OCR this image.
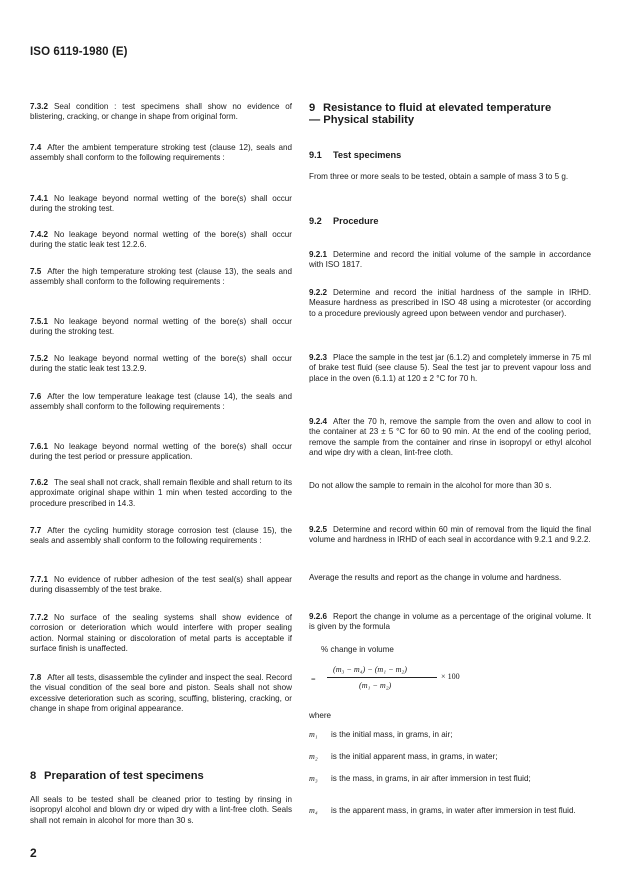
ISO 6119-1980 (E)
7.3.2 Seal condition : test specimens shall show no evidence of blistering, cracking, or change in shape from original form.
7.4 After the ambient temperature stroking test (clause 12), seals and assembly shall conform to the following requirements :
7.4.1 No leakage beyond normal wetting of the bore(s) shall occur during the stroking test.
7.4.2 No leakage beyond normal wetting of the bore(s) shall occur during the static leak test 12.2.6.
7.5 After the high temperature stroking test (clause 13), the seals and assembly shall conform to the following requirements :
7.5.1 No leakage beyond normal wetting of the bore(s) shall occur during the stroking test.
7.5.2 No leakage beyond normal wetting of the bore(s) shall occur during the static leak test 13.2.9.
7.6 After the low temperature leakage test (clause 14), the seals and assembly shall conform to the following requirements :
7.6.1 No leakage beyond normal wetting of the bore(s) shall occur during the test period or pressure application.
7.6.2 The seal shall not crack, shall remain flexible and shall return to its approximate original shape within 1 min when tested according to the procedure prescribed in 14.3.
7.7 After the cycling humidity storage corrosion test (clause 15), the seals and assembly shall conform to the following requirements :
7.7.1 No evidence of rubber adhesion of the test seal(s) shall appear during disassembly of the test brake.
7.7.2 No surface of the sealing systems shall show evidence of corrosion or deterioration which would interfere with proper sealing action. Normal staining or discoloration of metal parts is acceptable if surface finish is unaffected.
7.8 After all tests, disassemble the cylinder and inspect the seal. Record the visual condition of the seal bore and piston. Seals shall not show excessive deterioration such as scoring, scuffing, blistering, cracking, or change in shape from original appearance.
8 Preparation of test specimens
All seals to be tested shall be cleaned prior to testing by rinsing in isopropyl alcohol and blown dry or wiped dry with a lint-free cloth. Seals shall not remain in alcohol for more than 30 s.
9 Resistance to fluid at elevated temperature
— Physical stability
9.1 Test specimens
From three or more seals to be tested, obtain a sample of mass 3 to 5 g.
9.2 Procedure
9.2.1 Determine and record the initial volume of the sample in accordance with ISO 1817.
9.2.2 Determine and record the initial hardness of the sample in IRHD. Measure hardness as prescribed in ISO 48 using a microtester (or according to a procedure previously agreed upon between vendor and purchaser).
9.2.3 Place the sample in the test jar (6.1.2) and completely immerse in 75 ml of brake test fluid (see clause 5). Seal the test jar to prevent vapour loss and place in the oven (6.1.1) at 120 ± 2 °C for 70 h.
9.2.4 After the 70 h, remove the sample from the oven and allow to cool in the container at 23 ± 5 °C for 60 to 90 min. At the end of the cooling period, remove the sample from the container and rinse in isopropyl or ethyl alcohol and wipe dry with a clean, lint-free cloth.
Do not allow the sample to remain in the alcohol for more than 30 s.
9.2.5 Determine and record within 60 min of removal from the liquid the final volume and hardness in IRHD of each seal in accordance with 9.2.1 and 9.2.2.
Average the results and report as the change in volume and hardness.
9.2.6 Report the change in volume as a percentage of the original volume. It is given by the formula
% change in volume
=
(m₃ − m₄) − (m₁ − m₂)
(m₁ − m₂)
× 100
where
m₁ is the initial mass, in grams, in air;
m₂ is the initial apparent mass, in grams, in water;
m₃ is the mass, in grams, in air after immersion in test fluid;
m₄ is the apparent mass, in grams, in water after immersion in test fluid.
2
